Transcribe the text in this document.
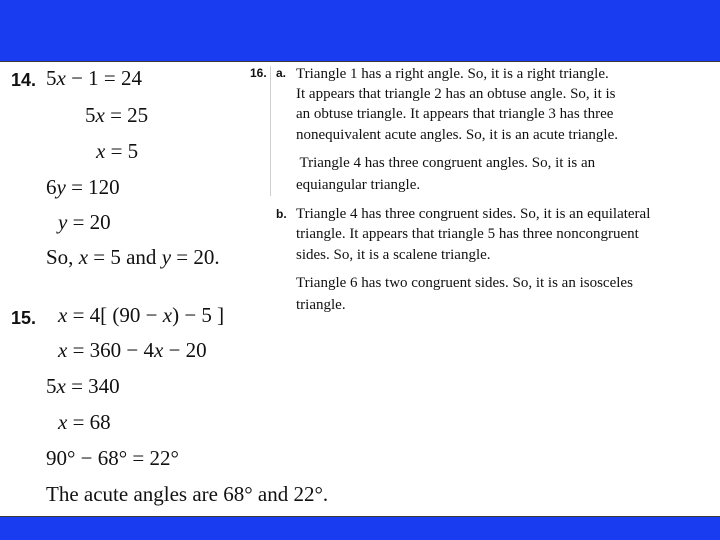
14. 5x − 1 = 24
5x = 25
x = 5
6y = 120
y = 20
So, x = 5 and y = 20.
15. x = 4[ (90 − x) − 5 ]
x = 360 − 4x − 20
5x = 340
x = 68
90° − 68° = 22°
The acute angles are 68° and 22°.
16. a. Triangle 1 has a right angle. So, it is a right triangle.
It appears that triangle 2 has an obtuse angle. So, it is
an obtuse triangle. It appears that triangle 3 has three
nonequivalent acute angles. So, it is an acute triangle.
Triangle 4 has three congruent angles. So, it is an
equiangular triangle.
b. Triangle 4 has three congruent sides. So, it is an equilateral
triangle. It appears that triangle 5 has three noncongruent
sides. So, it is a scalene triangle.
Triangle 6 has two congruent sides. So, it is an isosceles
triangle.
